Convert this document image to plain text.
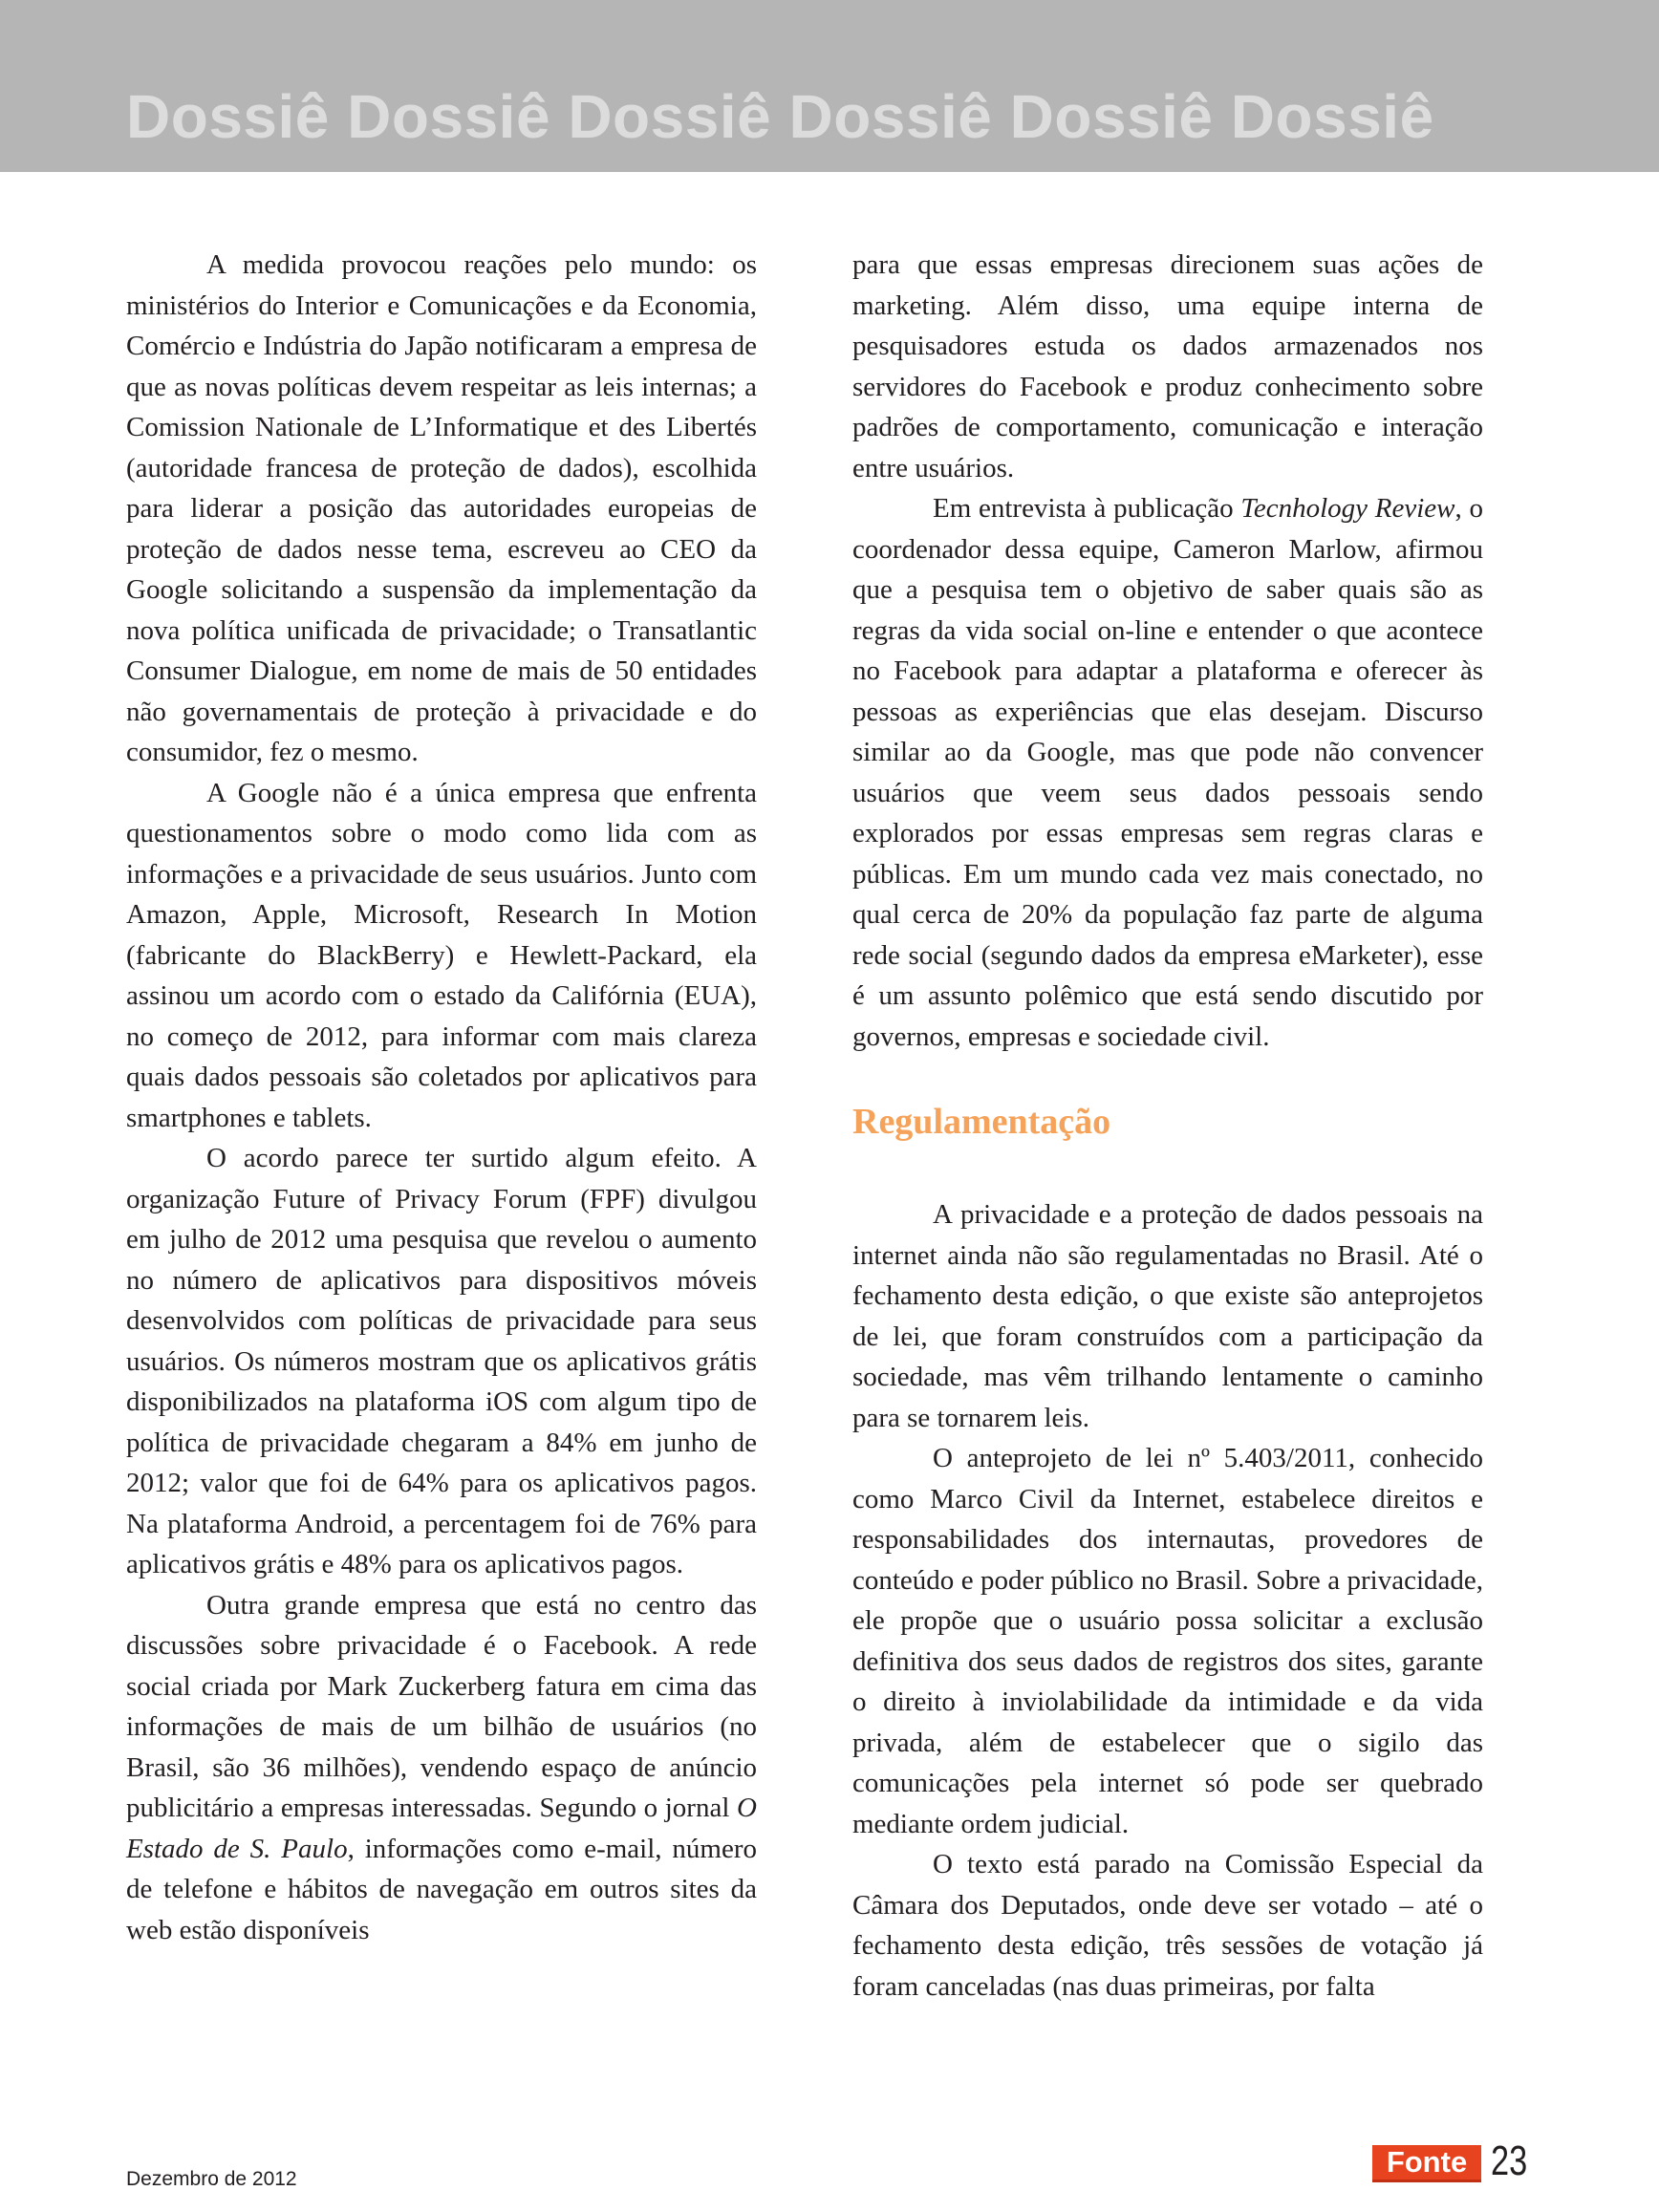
Dossiê Dossiê Dossiê Dossiê Dossiê Dossiê

A medida provocou reações pelo mundo: os ministérios do Interior e Comunicações e da Economia, Comércio e Indústria do Japão notificaram a empresa de que as novas políticas devem respeitar as leis internas; a Comission Nationale de L’Informatique et des Libertés (autoridade francesa de proteção de dados), escolhida para liderar a posição das autoridades europeias de proteção de dados nesse tema, escreveu ao CEO da Google solicitando a suspensão da implementação da nova política unificada de privacidade; o Transatlantic Consumer Dialogue, em nome de mais de 50 entidades não governamentais de proteção à privacidade e do consumidor, fez o mesmo.

A Google não é a única empresa que enfrenta questionamentos sobre o modo como lida com as informações e a privacidade de seus usuários. Junto com Amazon, Apple, Microsoft, Research In Motion (fabricante do BlackBerry) e Hewlett-Packard, ela assinou um acordo com o estado da Califórnia (EUA), no começo de 2012, para informar com mais clareza quais dados pessoais são coletados por aplicativos para smartphones e tablets.

O acordo parece ter surtido algum efeito. A organização Future of Privacy Forum (FPF) divulgou em julho de 2012 uma pesquisa que revelou o aumento no número de aplicativos para dispositivos móveis desenvolvidos com políticas de privacidade para seus usuários. Os números mostram que os aplicativos grátis disponibilizados na plataforma iOS com algum tipo de política de privacidade chegaram a 84% em junho de 2012; valor que foi de 64% para os aplicativos pagos. Na plataforma Android, a percentagem foi de 76% para aplicativos grátis e 48% para os aplicativos pagos.

Outra grande empresa que está no centro das discussões sobre privacidade é o Facebook. A rede social criada por Mark Zuckerberg fatura em cima das informações de mais de um bilhão de usuários (no Brasil, são 36 milhões), vendendo espaço de anúncio publicitário a empresas interessadas. Segundo o jornal O Estado de S. Paulo, informações como e-mail, número de telefone e hábitos de navegação em outros sites da web estão disponíveis

para que essas empresas direcionem suas ações de marketing. Além disso, uma equipe interna de pesquisadores estuda os dados armazenados nos servidores do Facebook e produz conhecimento sobre padrões de comportamento, comunicação e interação entre usuários.

Em entrevista à publicação Tecnhology Review, o coordenador dessa equipe, Cameron Marlow, afirmou que a pesquisa tem o objetivo de saber quais são as regras da vida social on-line e entender o que acontece no Facebook para adaptar a plataforma e oferecer às pessoas as experiências que elas desejam. Discurso similar ao da Google, mas que pode não convencer usuários que veem seus dados pessoais sendo explorados por essas empresas sem regras claras e públicas. Em um mundo cada vez mais conectado, no qual cerca de 20% da população faz parte de alguma rede social (segundo dados da empresa eMarketer), esse é um assunto polêmico que está sendo discutido por governos, empresas e sociedade civil.

Regulamentação

A privacidade e a proteção de dados pessoais na internet ainda não são regulamentadas no Brasil. Até o fechamento desta edição, o que existe são anteprojetos de lei, que foram construídos com a participação da sociedade, mas vêm trilhando lentamente o caminho para se tornarem leis.

O anteprojeto de lei nº 5.403/2011, conhecido como Marco Civil da Internet, estabelece direitos e responsabilidades dos internautas, provedores de conteúdo e poder público no Brasil. Sobre a privacidade, ele propõe que o usuário possa solicitar a exclusão definitiva dos seus dados de registros dos sites, garante o direito à inviolabilidade da intimidade e da vida privada, além de estabelecer que o sigilo das comunicações pela internet só pode ser quebrado mediante ordem judicial.

O texto está parado na Comissão Especial da Câmara dos Deputados, onde deve ser votado – até o fechamento desta edição, três sessões de votação já foram canceladas (nas duas primeiras, por falta

Dezembro de 2012
Fonte 23
